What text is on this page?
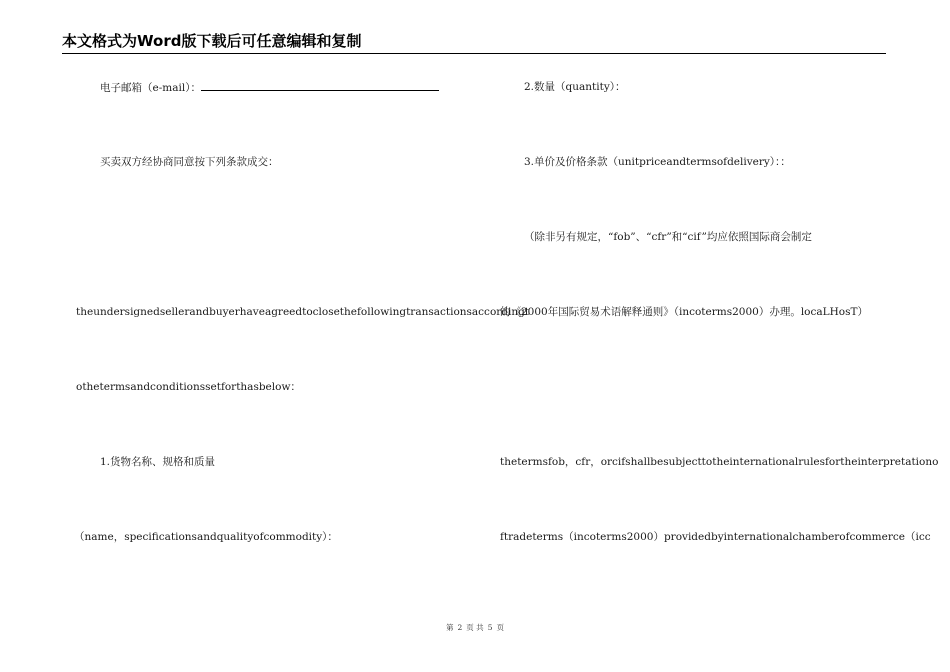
本文格式为Word版下载后可任意编辑和复制
电子邮箱（e-mail）：
买卖双方经协商同意按下列条款成交：
theundersignedsellerandbuyerhaveagreedtoclosethefollowingtransactionsaccordingt
othetermsandconditionssetforthasbelow：
1.货物名称、规格和质量
（name，specificationsandqualityofcommodity）：
2.数量（quantity）：
3.单价及价格条款（unitpriceandtermsofdelivery）：：
（除非另有规定，“fob”、“cfr”和“cif”均应依照国际商会制定
的《2000年国际贸易术语解释通则》（incoterms2000）办理。locaLHosT）
thetermsfob，cfr，orcifshallbesubjecttotheinternationalrulesfortheinterpretationo
ftradeterms（incoterms2000）providedbyinternationalchamberofcommerce（icc
第 2 页 共 5 页
